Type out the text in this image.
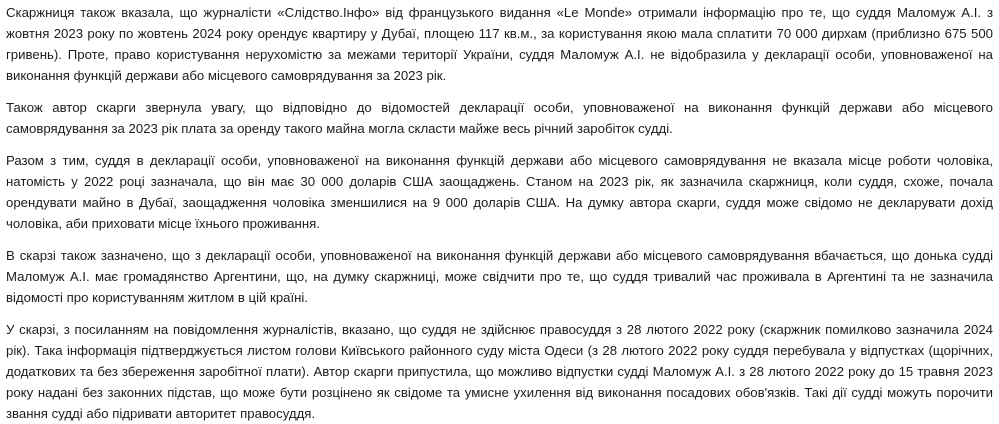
Скаржниця також вказала, що журналісти «Слідство.Інфо» від французького видання «Le Monde» отримали інформацію про те, що суддя Маломуж А.І. з жовтня 2023 року по жовтень 2024 року орендує квартиру у Дубаї, площею 117 кв.м., за користування якою мала сплатити 70 000 дирхам (приблизно 675 500 гривень). Проте, право користування нерухомістю за межами території України, суддя Маломуж А.І. не відобразила у декларації особи, уповноваженої на виконання функцій держави або місцевого самоврядування за 2023 рік.

Також автор скарги звернула увагу, що відповідно до відомостей декларації особи, уповноваженої на виконання функцій держави або місцевого самоврядування за 2023 рік плата за оренду такого майна могла скласти майже весь річний заробіток судді.

Разом з тим, суддя в декларації особи, уповноваженої на виконання функцій держави або місцевого самоврядування не вказала місце роботи чоловіка, натомість у 2022 році зазначала, що він має 30 000 доларів США заощаджень. Станом на 2023 рік, як зазначила скаржниця, коли суддя, схоже, почала орендувати майно в Дубаї, заощадження чоловіка зменшилися на 9 000 доларів США. На думку автора скарги, суддя може свідомо не декларувати дохід чоловіка, аби приховати місце їхнього проживання.

В скарзі також зазначено, що з декларації особи, уповноваженої на виконання функцій держави або місцевого самоврядування вбачається, що донька судді Маломуж А.І. має громадянство Аргентини, що, на думку скаржниці, може свідчити про те, що суддя тривалий час проживала в Аргентині та не зазначила відомості про користуванням житлом в цій країні.

У скарзі, з посиланням на повідомлення журналістів, вказано, що суддя не здійснює правосуддя з 28 лютого 2022 року (скаржник помилково зазначила 2024 рік). Така інформація підтверджується листом голови Київського районного суду міста Одеси (з 28 лютого 2022 року суддя перебувала у відпустках (щорічних, додаткових та без збереження заробітної плати). Автор скарги припустила, що можливо відпустки судді Маломуж А.І. з 28 лютого 2022 року до 15 травня 2023 року надані без законних підстав, що може бути розцінено як свідоме та умисне ухилення від виконання посадових обов'язків. Такі дії судді можуть порочити звання судді або підривати авторитет правосуддя.
